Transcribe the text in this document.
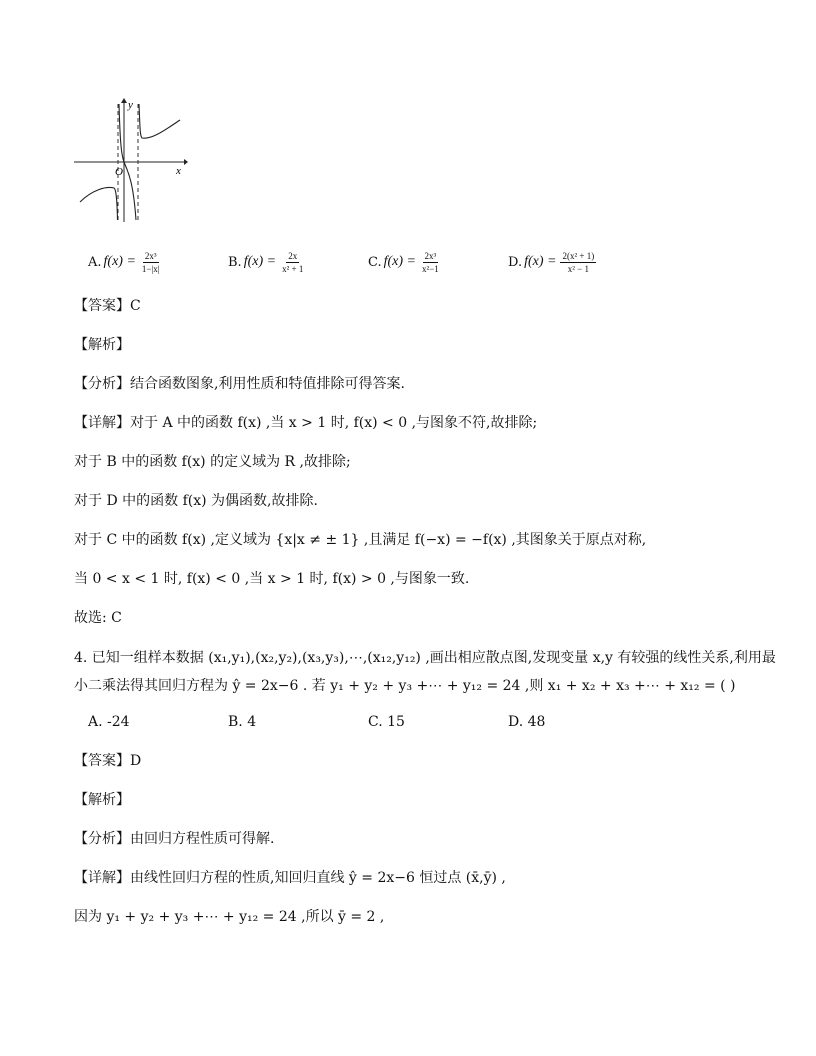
y
x
O
A. $f(x) = \frac{\text{2x³}}{1-|x|}$	B. $f(x) = \frac{2x}{\text{x² + 1}}$	C. $f(x) = \frac{\text{2x³}}{\text{x²−1}}$	D. $f(x) = \frac{\text{2(x² + 1)}}{\text{x² − 1}}$
【答案】C
【解析】
【分析】结合函数图象,利用性质和特值排除可得答案.
【详解】对于 A 中的函数 f(x) ,当 x > 1 时, f(x) < 0 ,与图象不符,故排除;
对于 B 中的函数 f(x) 的定义域为 R ,故排除;
对于 D 中的函数 f(x) 为偶函数,故排除.
对于 C 中的函数 f(x) ,定义域为 {x|x ≠ ± 1} ,且满足 f(−x) = −f(x) ,其图象关于原点对称,
当 0 < x < 1 时, f(x) < 0 ,当 x > 1 时, f(x) > 0 ,与图象一致.
故选: C
4. 已知一组样本数据 (x₁,y₁),(x₂,y₂),(x₃,y₃),⋯,(x₁₂,y₁₂) ,画出相应散点图,发现变量 x,y 有较强的线性关系,利用最
小二乘法得其回归方程为 ŷ = 2x−6 . 若 y₁ + y₂ + y₃ +⋯ + y₁₂ = 24 ,则 x₁ + x₂ + x₃ +⋯ + x₁₂ = ( )
A. -24	B. 4	C. 15	D. 48
【答案】D
【解析】
【分析】由回归方程性质可得解.
【详解】由线性回归方程的性质,知回归直线 ŷ = 2x−6 恒过点 (x̄,ȳ) ,
因为 y₁ + y₂ + y₃ +⋯ + y₁₂ = 24 ,所以 ȳ = 2 ,
